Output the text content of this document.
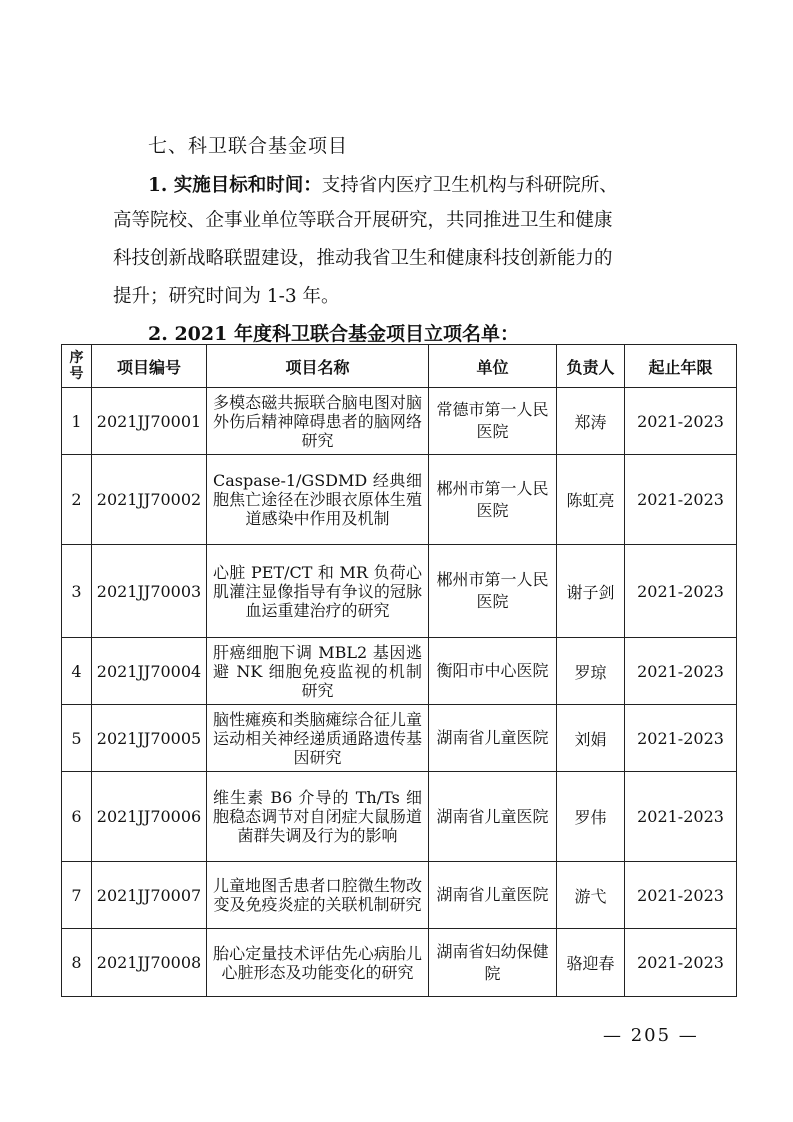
七、科卫联合基金项目
1. 实施目标和时间：支持省内医疗卫生机构与科研院所、
高等院校、企事业单位等联合开展研究，共同推进卫生和健康
科技创新战略联盟建设，推动我省卫生和健康科技创新能力的
提升；研究时间为 1-3 年。
2. 2021 年度科卫联合基金项目立项名单：
序号	项目编号	项目名称	单位	负责人	起止年限
1	2021JJ70001	多模态磁共振联合脑电图对脑外伤后精神障碍患者的脑网络研究	常德市第一人民医院	郑涛	2021-2023
2	2021JJ70002	Caspase-1/GSDMD 经典细胞焦亡途径在沙眼衣原体生殖道感染中作用及机制	郴州市第一人民医院	陈虹亮	2021-2023
3	2021JJ70003	心脏 PET/CT 和 MR 负荷心肌灌注显像指导有争议的冠脉血运重建治疗的研究	郴州市第一人民医院	谢子剑	2021-2023
4	2021JJ70004	肝癌细胞下调 MBL2 基因逃避 NK 细胞免疫监视的机制研究	衡阳市中心医院	罗琼	2021-2023
5	2021JJ70005	脑性瘫痪和类脑瘫综合征儿童运动相关神经递质通路遗传基因研究	湖南省儿童医院	刘娟	2021-2023
6	2021JJ70006	维生素 B6 介导的 Th/Ts 细胞稳态调节对自闭症大鼠肠道菌群失调及行为的影响	湖南省儿童医院	罗伟	2021-2023
7	2021JJ70007	儿童地图舌患者口腔微生物改变及免疫炎症的关联机制研究	湖南省儿童医院	游弋	2021-2023
8	2021JJ70008	胎心定量技术评估先心病胎儿心脏形态及功能变化的研究	湖南省妇幼保健院	骆迎春	2021-2023
— 205 —
